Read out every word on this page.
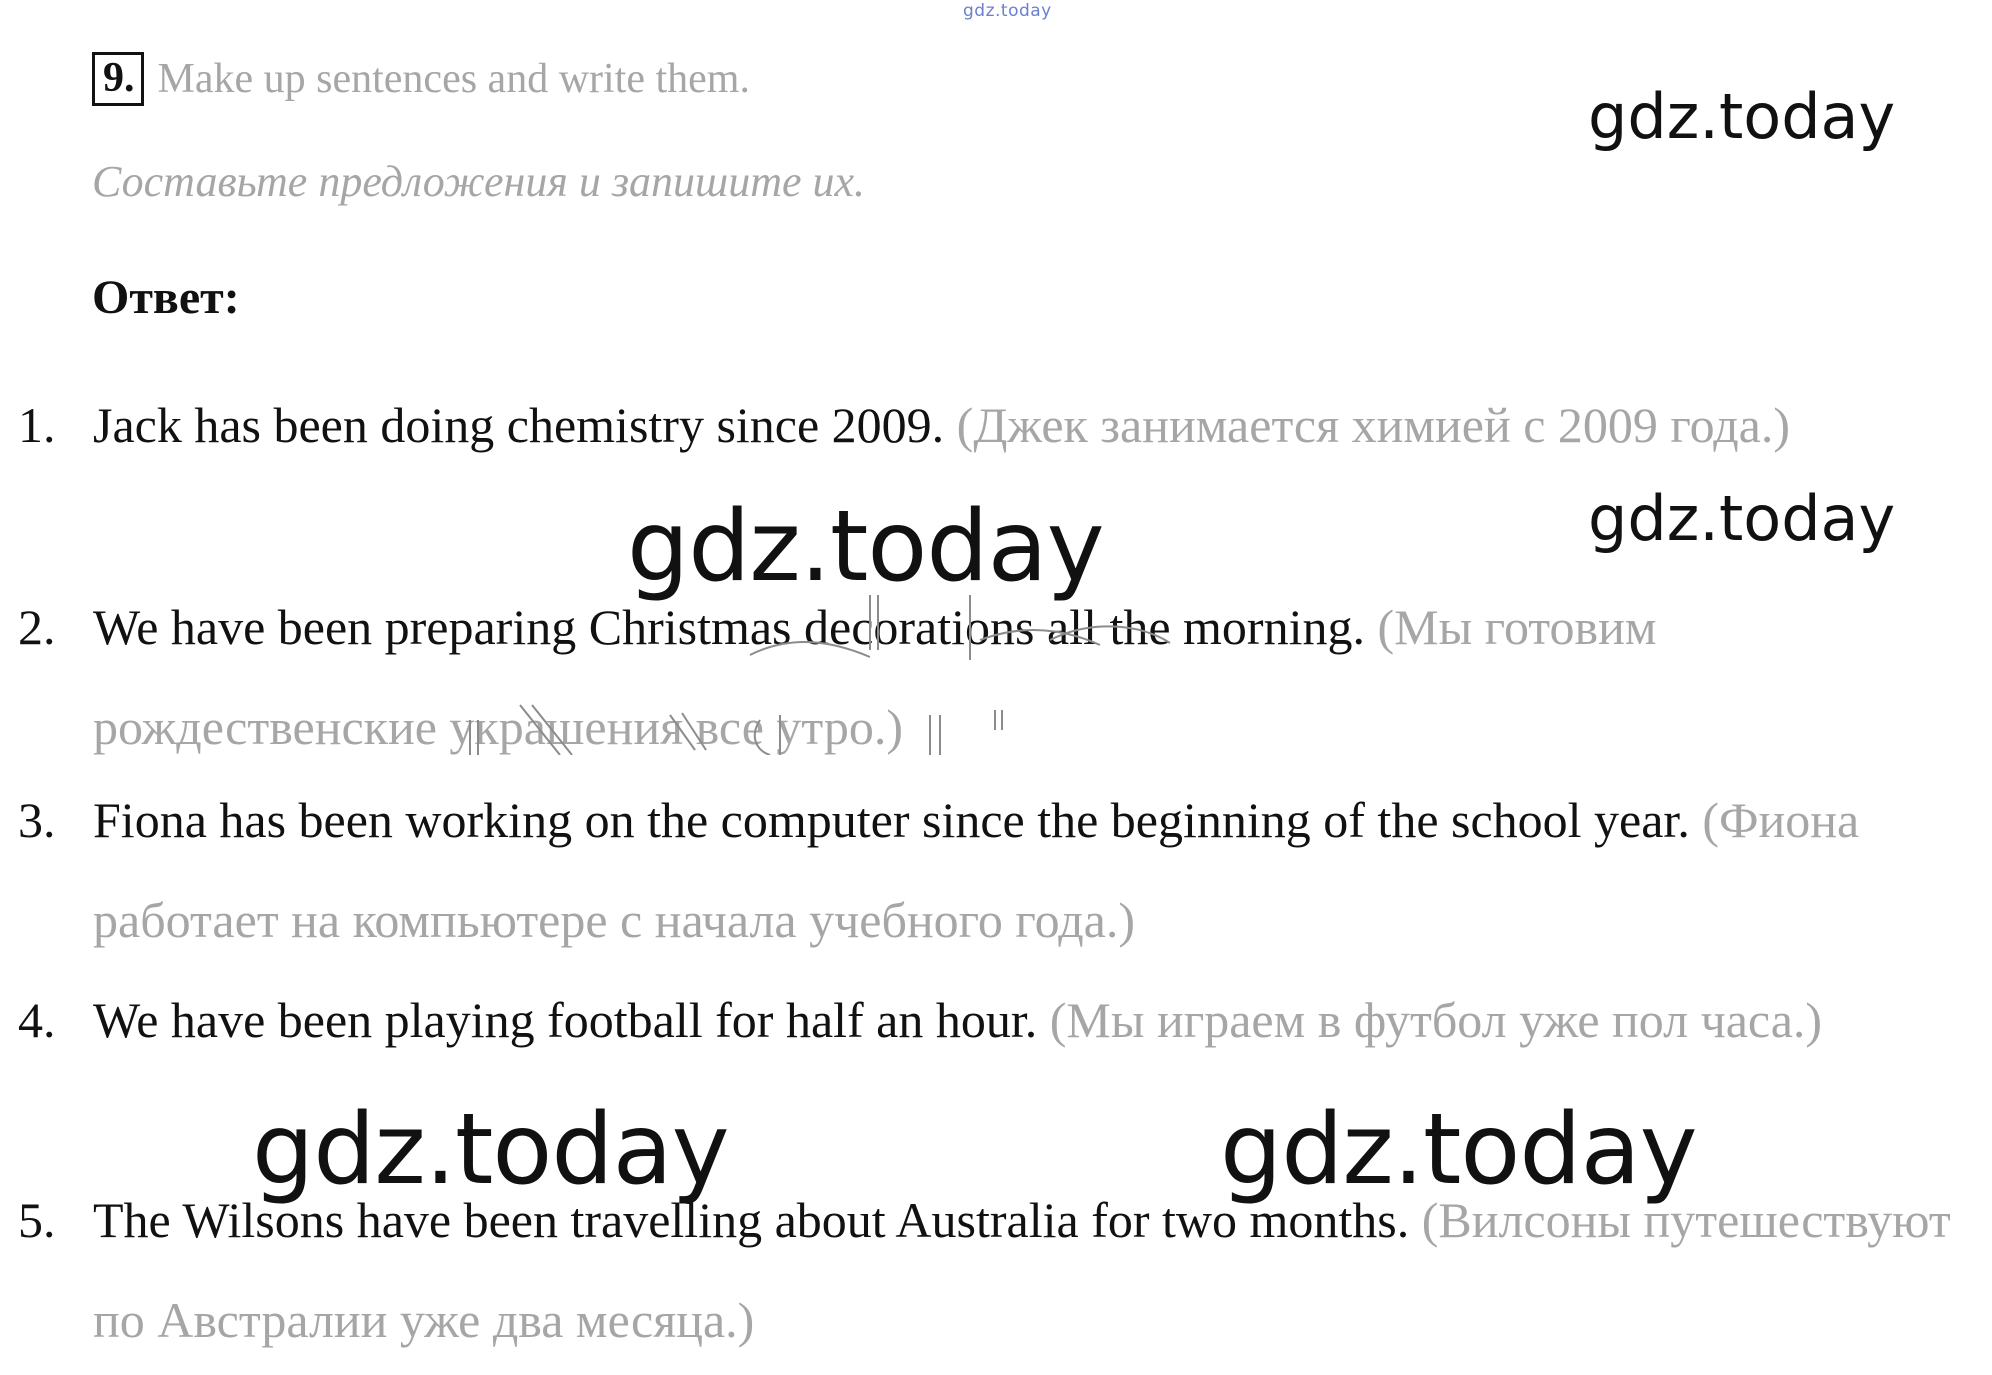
gdz.today
9. Make up sentences and write them.
Составьте предложения и запишите их.
Ответ:
1. Jack has been doing chemistry since 2009. (Джек занимается химией с 2009 года.)
2. We have been preparing Christmas decorations all the morning. (Мы готовим рождественские украшения все утро.)
3. Fiona has been working on the computer since the beginning of the school year. (Фиона работает на компьютере с начала учебного года.)
4. We have been playing football for half an hour. (Мы играем в футбол уже пол часа.)
5. The Wilsons have been travelling about Australia for two months. (Вилсоны путешествуют по Австралии уже два месяца.)
gdz.today
gdz.today
gdz.today
gdz.today	gdz.today
